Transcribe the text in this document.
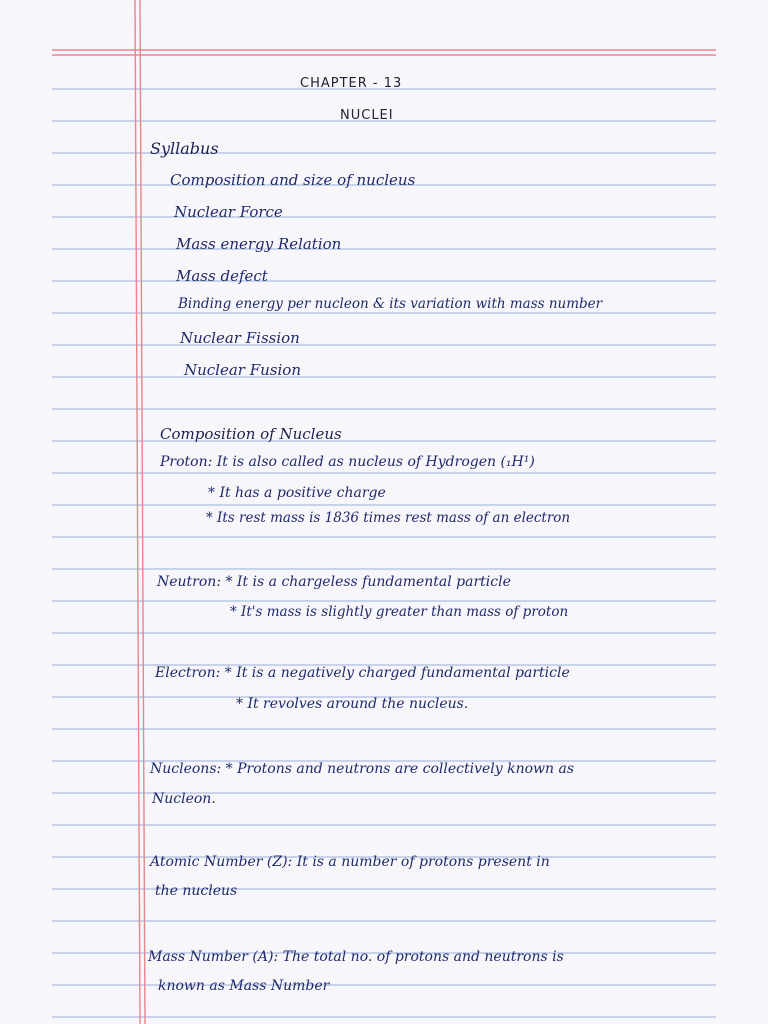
CHAPTER - 13
NUCLEI
Syllabus
Composition and size of nucleus
Nuclear Force
Mass energy Relation
Mass defect
Binding energy per nucleon & its variation with mass number
Nuclear Fission
Nuclear Fusion
Composition of Nucleus
Proton: It is also called as nucleus of Hydrogen (₁H¹)
* It has a positive charge
* Its rest mass is 1836 times rest mass of an electron
Neutron: * It is a chargeless fundamental particle
* It's mass is slightly greater than mass of proton
Electron: * It is a negatively charged fundamental particle
* It revolves around the nucleus.
Nucleons: * Protons and neutrons are collectively known as
Nucleon.
Atomic Number (Z): It is a number of protons present in
the nucleus
Mass Number (A): The total no. of protons and neutrons is
known as Mass Number
